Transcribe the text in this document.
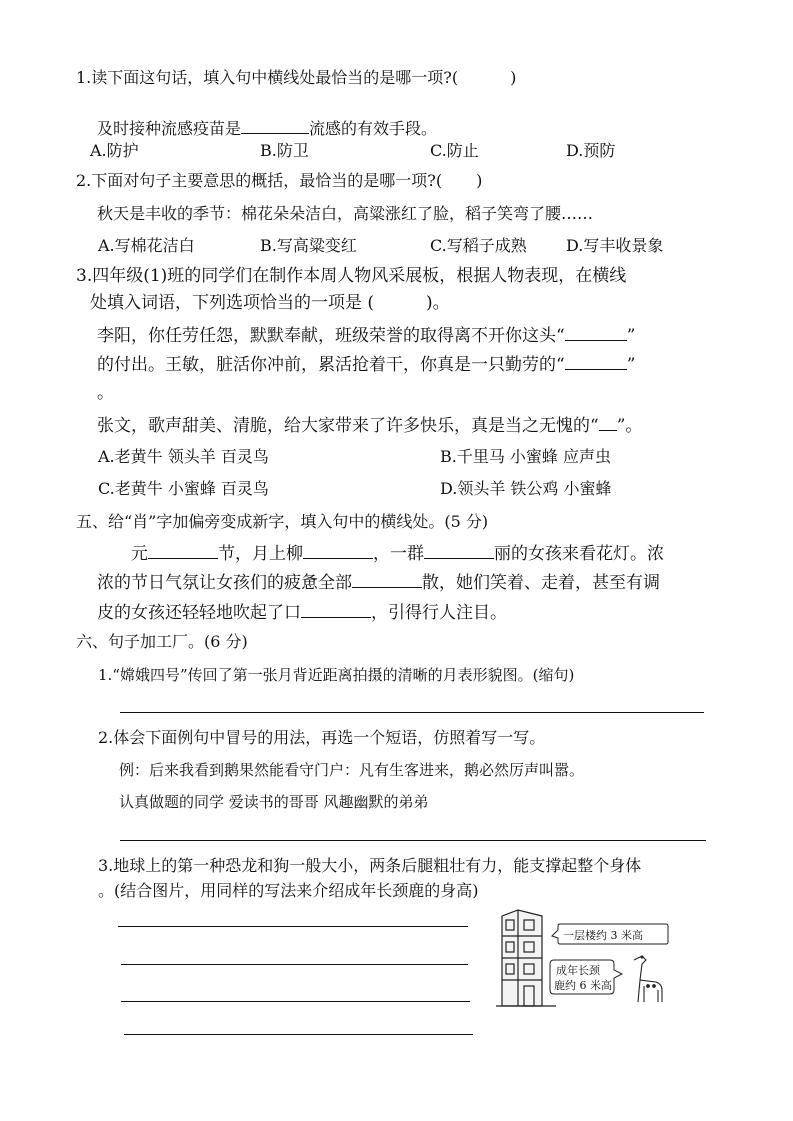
1.读下面这句话，填入句中横线处最恰当的是哪一项?(	)
及时接种流感疫苗是	流感的有效手段。
A.防护	B.防卫	C.防止	D.预防
2.下面对句子主要意思的概括，最恰当的是哪一项?( )
秋天是丰收的季节：棉花朵朵洁白，高粱涨红了脸，稻子笑弯了腰……
A.写棉花洁白	B.写高粱变红	C.写稻子成熟 D.写丰收景象
3.四年级(1)班的同学们在制作本周人物风采展板，根据人物表现，在横线
处填入词语，下列选项恰当的一项是 (	)。
李阳，你任劳任怨，默默奉献，班级荣誉的取得离不开你这头“	”
的付出。王敏，脏活你冲前，累活抢着干，你真是一只勤劳的“	”
。
张文，歌声甜美、清脆，给大家带来了许多快乐，真是当之无愧的“ ”。
A.老黄牛 领头羊 百灵鸟	B.千里马 小蜜蜂 应声虫
C.老黄牛 小蜜蜂 百灵鸟	D.领头羊 铁公鸡 小蜜蜂
五、给“肖”字加偏旁变成新字，填入句中的横线处。(5 分)
元	节，月上柳	，一群	丽的女孩来看花灯。浓
浓的节日气氛让女孩们的疲惫全部	散，她们笑着、走着，甚至有调
皮的女孩还轻轻地吹起了口	，引得行人注目。
六、句子加工厂。(6 分)
1.“嫦娥四号”传回了第一张月背近距离拍摄的清晰的月表形貌图。(缩句)
2.体会下面例句中冒号的用法，再选一个短语，仿照着写一写。
例：后来我看到鹅果然能看守门户：凡有生客进来，鹅必然厉声叫嚣。
认真做题的同学 爱读书的哥哥 风趣幽默的弟弟
3.地球上的第一种恐龙和狗一般大小，两条后腿粗壮有力，能支撑起整个身体
。(结合图片，用同样的写法来介绍成年长颈鹿的身高)
一层楼约 3 米高
成年长颈
鹿约 6 米高
